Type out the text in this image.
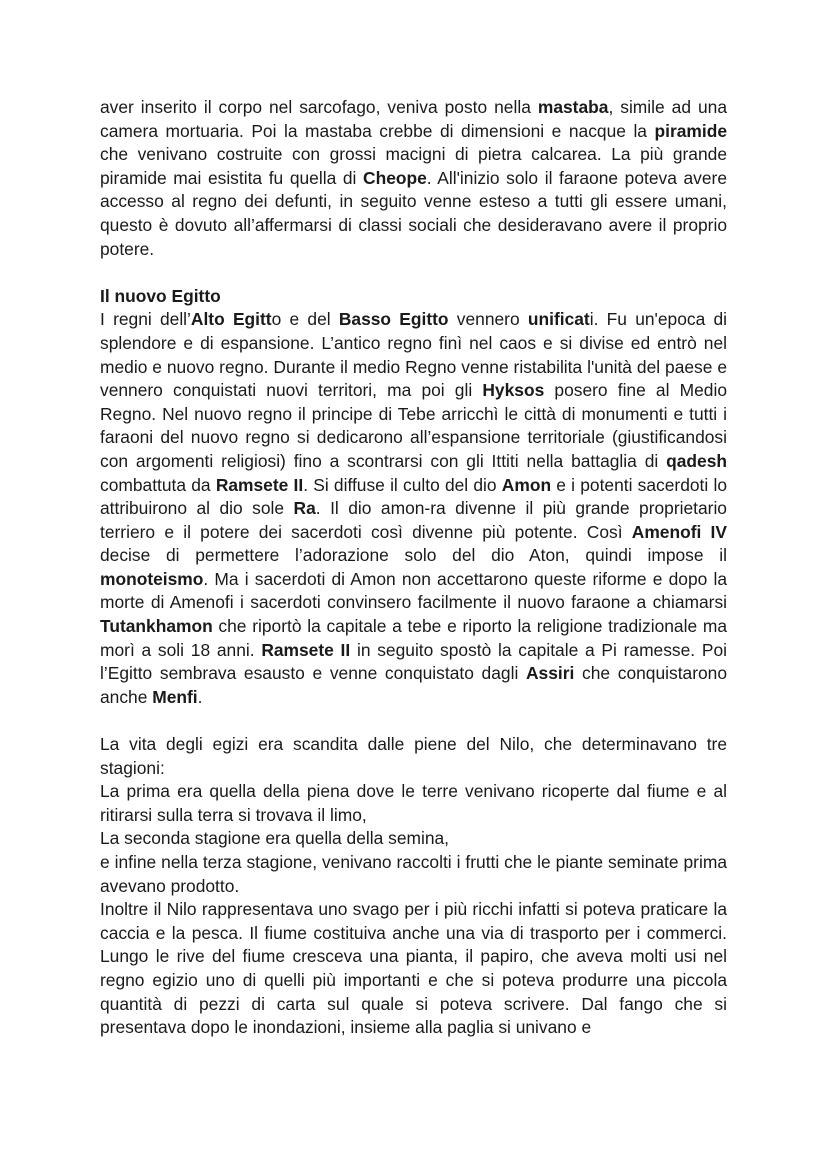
aver inserito il corpo nel sarcofago, veniva posto nella mastaba, simile ad una camera mortuaria. Poi la mastaba crebbe di dimensioni e nacque la piramide che venivano costruite con grossi macigni di pietra calcarea. La più grande piramide mai esistita fu quella di Cheope. All'inizio solo il faraone poteva avere accesso al regno dei defunti, in seguito venne esteso a tutti gli essere umani, questo è dovuto all’affermarsi di classi sociali che desideravano avere il proprio potere.

Il nuovo Egitto

I regni dell’Alto Egitto e del Basso Egitto vennero unificati. Fu un'epoca di splendore e di espansione. L’antico regno finì nel caos e si divise ed entrò nel medio e nuovo regno. Durante il medio Regno venne ristabilita l'unità del paese e vennero conquistati nuovi territori, ma poi gli Hyksos posero fine al Medio Regno. Nel nuovo regno il principe di Tebe arricchì le città di monumenti e tutti i faraoni del nuovo regno si dedicarono all’espansione territoriale (giustificandosi con argomenti religiosi) fino a scontrarsi con gli Ittiti nella battaglia di qadesh combattuta da Ramsete II. Si diffuse il culto del dio Amon e i potenti sacerdoti lo attribuirono al dio sole Ra. Il dio amon-ra divenne il più grande proprietario terriero e il potere dei sacerdoti così divenne più potente. Così Amenofi IV decise di permettere l’adorazione solo del dio Aton, quindi impose il monoteismo. Ma i sacerdoti di Amon non accettarono queste riforme e dopo la morte di Amenofi i sacerdoti convinsero facilmente il nuovo faraone a chiamarsi Tutankhamon che riportò la capitale a tebe e riporto la religione tradizionale ma morì a soli 18 anni. Ramsete II in seguito spostò la capitale a Pi ramesse. Poi l’Egitto sembrava esausto e venne conquistato dagli Assiri che conquistarono anche Menfi.

La vita degli egizi era scandita dalle piene del Nilo, che determinavano tre stagioni:

La prima era quella della piena dove le terre venivano ricoperte dal fiume e al ritirarsi sulla terra si trovava il limo,

La seconda stagione era quella della semina,

e infine nella terza stagione, venivano raccolti i frutti che le piante seminate prima avevano prodotto.

Inoltre il Nilo rappresentava uno svago per i più ricchi infatti si poteva praticare la caccia e la pesca. Il fiume costituiva anche una via di trasporto per i commerci. Lungo le rive del fiume cresceva una pianta, il papiro, che aveva molti usi nel regno egizio uno di quelli più importanti e che si poteva produrre una piccola quantità di pezzi di carta sul quale si poteva scrivere. Dal fango che si presentava dopo le inondazioni, insieme alla paglia si univano e
